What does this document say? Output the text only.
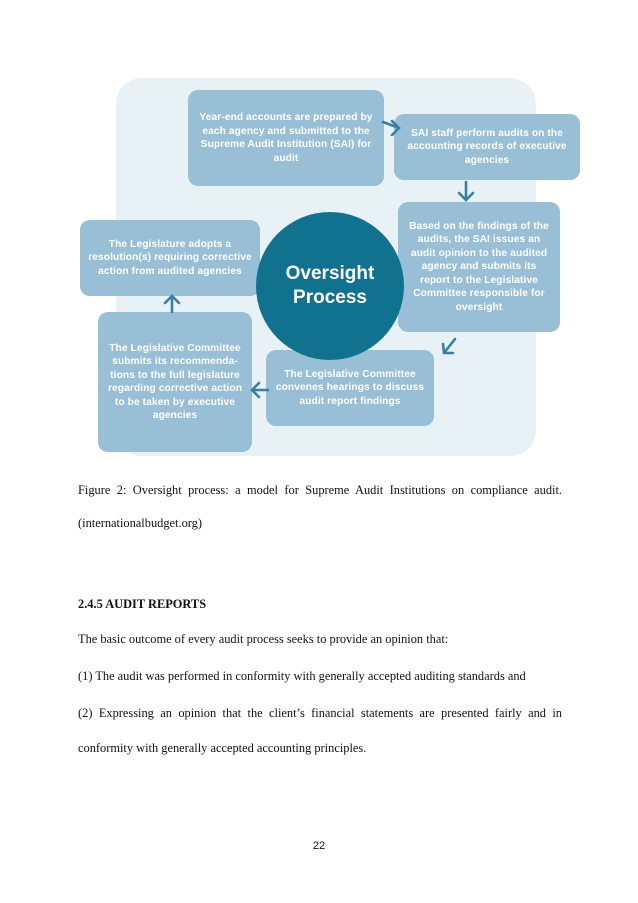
Year-end accounts are prepared by each agency and submitted to the Supreme Audit Institution (SAI) for audit
SAI staff perform audits on the accounting records of executive agencies
Based on the findings of the audits, the SAI issues an audit opinion to the audited agency and submits its report to the Legislative Committee responsible for oversight
The Legislative Committee convenes hearings to discuss audit report findings
The Legislative Committee submits its recommenda-tions to the full legislature regarding corrective action to be taken by executive agencies
The Legislature adopts a resolution(s) requiring corrective action from audited agencies	Oversight Process
Figure 2: Oversight process: a model for Supreme Audit Institutions on compliance audit.
(internationalbudget.org)
2.4.5 AUDIT REPORTS
The basic outcome of every audit process seeks to provide an opinion that:
(1) The audit was performed in conformity with generally accepted auditing standards and
(2) Expressing an opinion that the client’s financial statements are presented fairly and in
conformity with generally accepted accounting principles.
22
